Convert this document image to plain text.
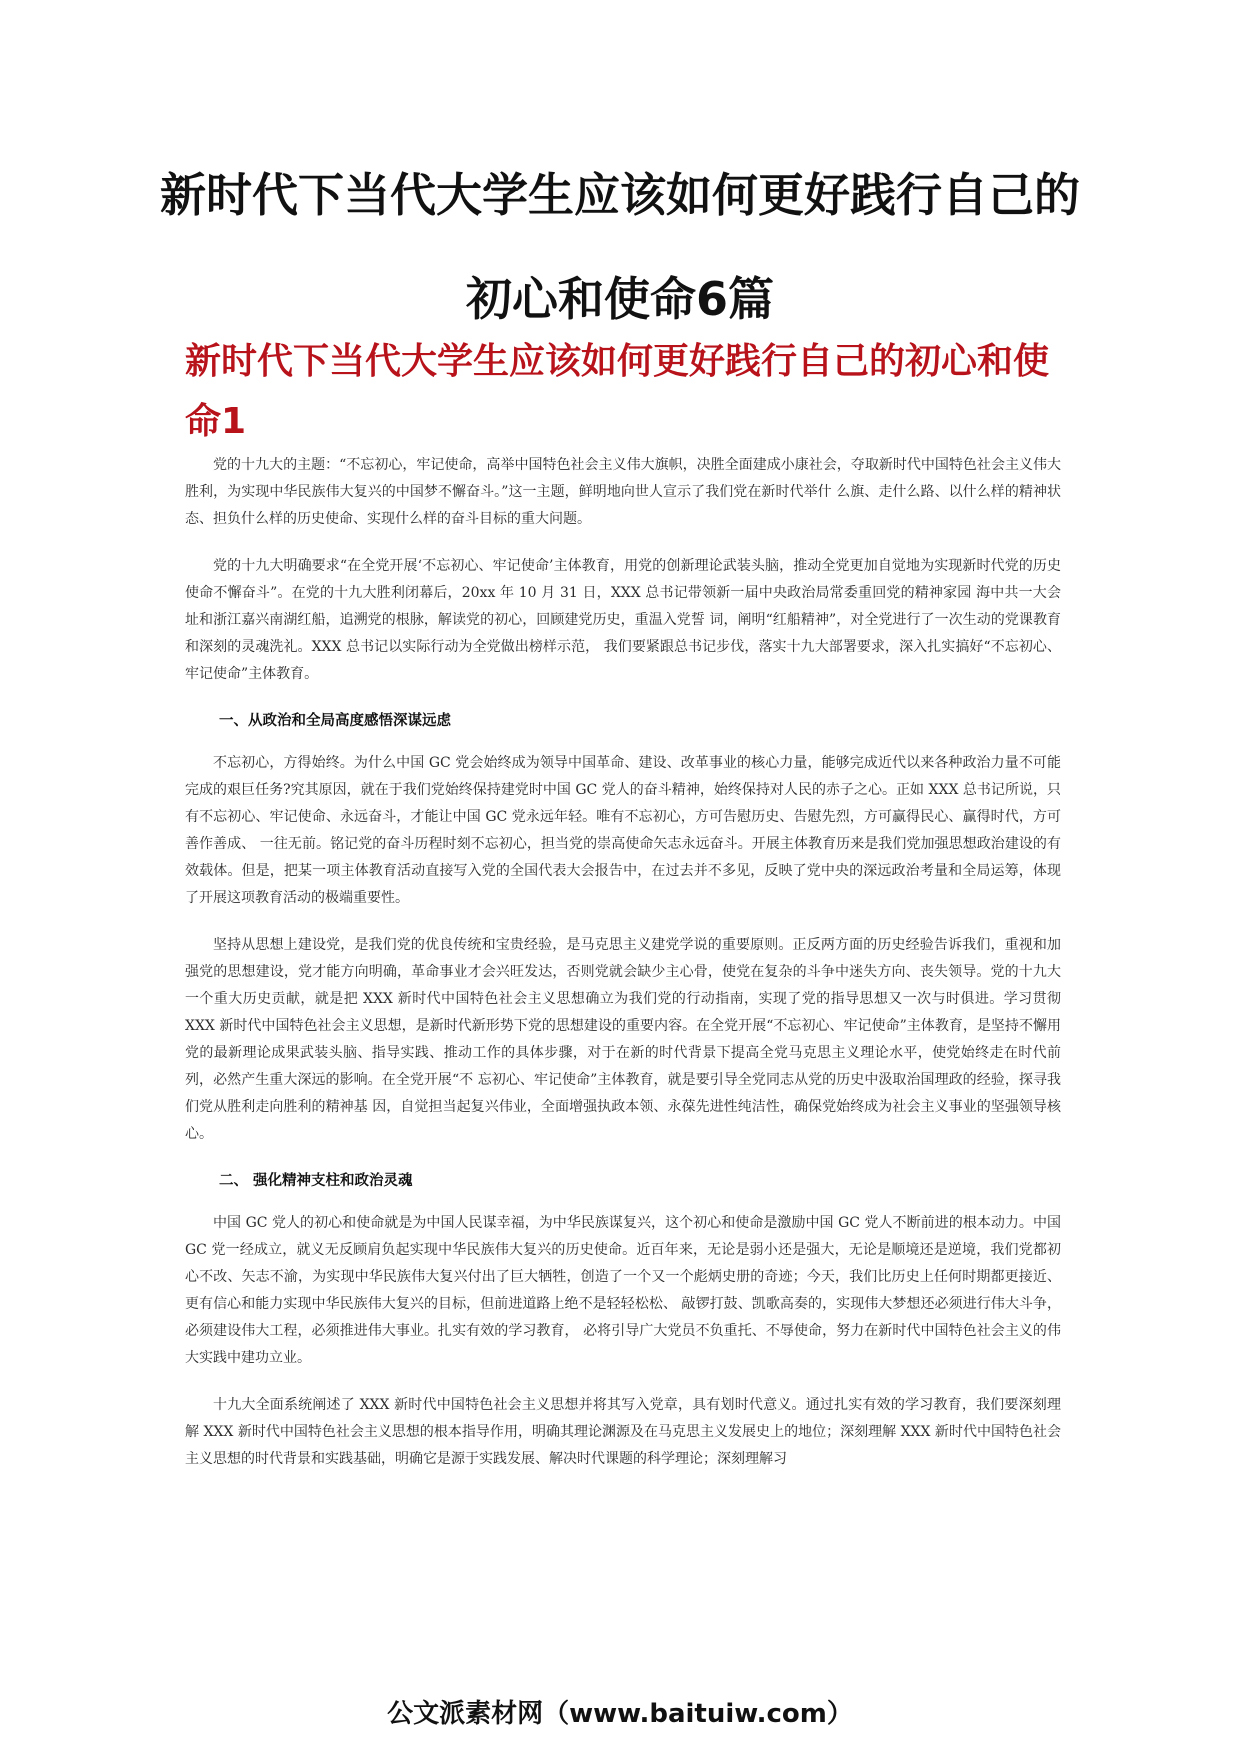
新时代下当代大学生应该如何更好践行自己的初心和使命6篇
新时代下当代大学生应该如何更好践行自己的初心和使命1

党的十九大的主题：“不忘初心，牢记使命，高举中国特色社会主义伟大旗帜，决胜全面建成小康社会，夺取新时代中国特色社会主义伟大胜利，为实现中华民族伟大复兴的中国梦不懈奋斗。”这一主题，鲜明地向世人宣示了我们党在新时代举什 么旗、走什么路、以什么样的精神状态、担负什么样的历史使命、实现什么样的奋斗目标的重大问题。

党的十九大明确要求“在全党开展‘不忘初心、牢记使命’主体教育，用党的创新理论武装头脑，推动全党更加自觉地为实现新时代党的历史使命不懈奋斗”。在党的十九大胜利闭幕后，20xx 年 10 月 31 日，XXX 总书记带领新一届中央政治局常委重回党的精神家园 海中共一大会址和浙江嘉兴南湖红船，追溯党的根脉，解读党的初心，回顾建党历史，重温入党誓 词，阐明“红船精神”，对全党进行了一次生动的党课教育和深刻的灵魂洗礼。XXX 总书记以实际行动为全党做出榜样示范， 我们要紧跟总书记步伐，落实十九大部署要求，深入扎实搞好“不忘初心、牢记使命”主体教育。

一、从政治和全局高度感悟深谋远虑

不忘初心，方得始终。为什么中国 GC 党会始终成为领导中国革命、建设、改革事业的核心力量，能够完成近代以来各种政治力量不可能完成的艰巨任务?究其原因，就在于我们党始终保持建党时中国 GC 党人的奋斗精神，始终保持对人民的赤子之心。正如 XXX 总书记所说，只有不忘初心、牢记使命、永远奋斗，才能让中国 GC 党永远年轻。唯有不忘初心，方可告慰历史、告慰先烈，方可赢得民心、赢得时代，方可善作善成、 一往无前。铭记党的奋斗历程时刻不忘初心，担当党的崇高使命矢志永远奋斗。开展主体教育历来是我们党加强思想政治建设的有效载体。但是，把某一项主体教育活动直接写入党的全国代表大会报告中，在过去并不多见，反映了党中央的深远政治考量和全局运筹，体现了开展这项教育活动的极端重要性。

坚持从思想上建设党，是我们党的优良传统和宝贵经验，是马克思主义建党学说的重要原则。正反两方面的历史经验告诉我们，重视和加强党的思想建设，党才能方向明确，革命事业才会兴旺发达，否则党就会缺少主心骨，使党在复杂的斗争中迷失方向、丧失领导。党的十九大一个重大历史贡献，就是把 XXX 新时代中国特色社会主义思想确立为我们党的行动指南，实现了党的指导思想又一次与时俱进。学习贯彻 XXX 新时代中国特色社会主义思想，是新时代新形势下党的思想建设的重要内容。在全党开展“不忘初心、牢记使命”主体教育，是坚持不懈用党的最新理论成果武装头脑、指导实践、推动工作的具体步骤，对于在新的时代背景下提高全党马克思主义理论水平，使党始终走在时代前列，必然产生重大深远的影响。在全党开展“不 忘初心、牢记使命”主体教育，就是要引导全党同志从党的历史中汲取治国理政的经验，探寻我们党从胜利走向胜利的精神基 因，自觉担当起复兴伟业，全面增强执政本领、永葆先进性纯洁性，确保党始终成为社会主义事业的坚强领导核心。

二、 强化精神支柱和政治灵魂

中国 GC 党人的初心和使命就是为中国人民谋幸福，为中华民族谋复兴，这个初心和使命是激励中国 GC 党人不断前进的根本动力。中国 GC 党一经成立，就义无反顾肩负起实现中华民族伟大复兴的历史使命。近百年来，无论是弱小还是强大，无论是顺境还是逆境，我们党都初心不改、矢志不渝，为实现中华民族伟大复兴付出了巨大牺牲，创造了一个又一个彪炳史册的奇迹；今天，我们比历史上任何时期都更接近、更有信心和能力实现中华民族伟大复兴的目标，但前进道路上绝不是轻轻松松、 敲锣打鼓、凯歌高奏的，实现伟大梦想还必须进行伟大斗争，必须建设伟大工程，必须推进伟大事业。扎实有效的学习教育， 必将引导广大党员不负重托、不辱使命，努力在新时代中国特色社会主义的伟大实践中建功立业。

十九大全面系统阐述了 XXX 新时代中国特色社会主义思想并将其写入党章，具有划时代意义。通过扎实有效的学习教育，我们要深刻理解 XXX 新时代中国特色社会主义思想的根本指导作用，明确其理论渊源及在马克思主义发展史上的地位；深刻理解 XXX 新时代中国特色社会主义思想的时代背景和实践基础，明确它是源于实践发展、解决时代课题的科学理论；深刻理解习

公文派素材网（www.baituiw.com）
